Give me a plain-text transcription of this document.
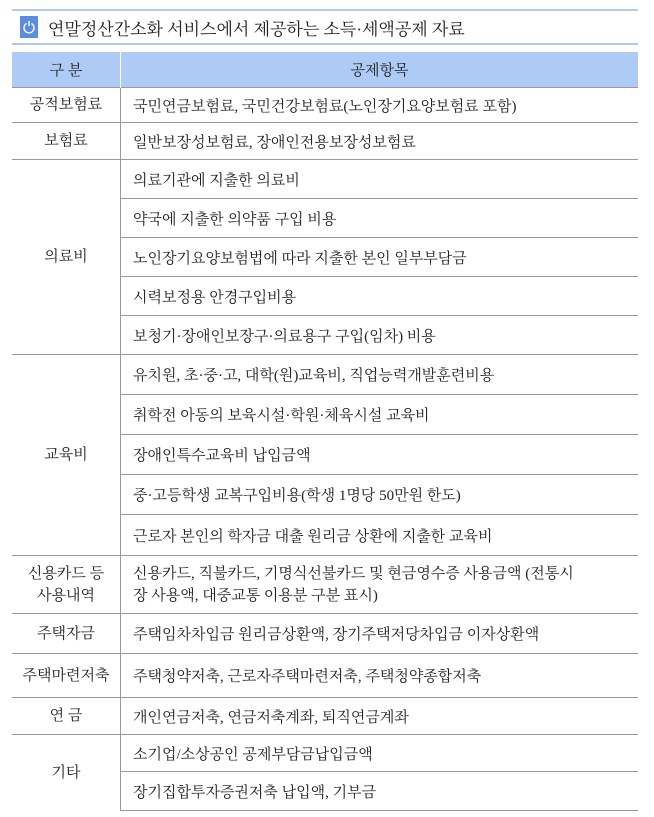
연말정산간소화 서비스에서 제공하는 소득·세액공제 자료
구 분	공제항목
공적보험료	국민연금보험료, 국민건강보험료(노인장기요양보험료 포함)
보험료	일반보장성보험료, 장애인전용보장성보험료
의료비	의료기관에 지출한 의료비
	약국에 지출한 의약품 구입 비용
	노인장기요양보험법에 따라 지출한 본인 일부부담금
	시력보정용 안경구입비용
	보청기·장애인보장구·의료용구 구입(임차) 비용
교육비	유치원, 초·중·고, 대학(원)교육비, 직업능력개발훈련비용
	취학전 아동의 보육시설·학원·체육시설 교육비
	장애인특수교육비 납입금액
	중·고등학생 교복구입비용(학생 1명당 50만원 한도)
	근로자 본인의 학자금 대출 원리금 상환에 지출한 교육비
신용카드 등 사용내역	신용카드, 직불카드, 기명식선불카드 및 현금영수증 사용금액 (전통시장 사용액, 대중교통 이용분 구분 표시)
주택자금	주택임차차입금 원리금상환액, 장기주택저당차입금 이자상환액
주택마련저축	주택청약저축, 근로자주택마련저축, 주택청약종합저축
연 금	개인연금저축, 연금저축계좌, 퇴직연금계좌
기타	소기업/소상공인 공제부담금납입금액
	장기집합투자증권저축 납입액, 기부금
